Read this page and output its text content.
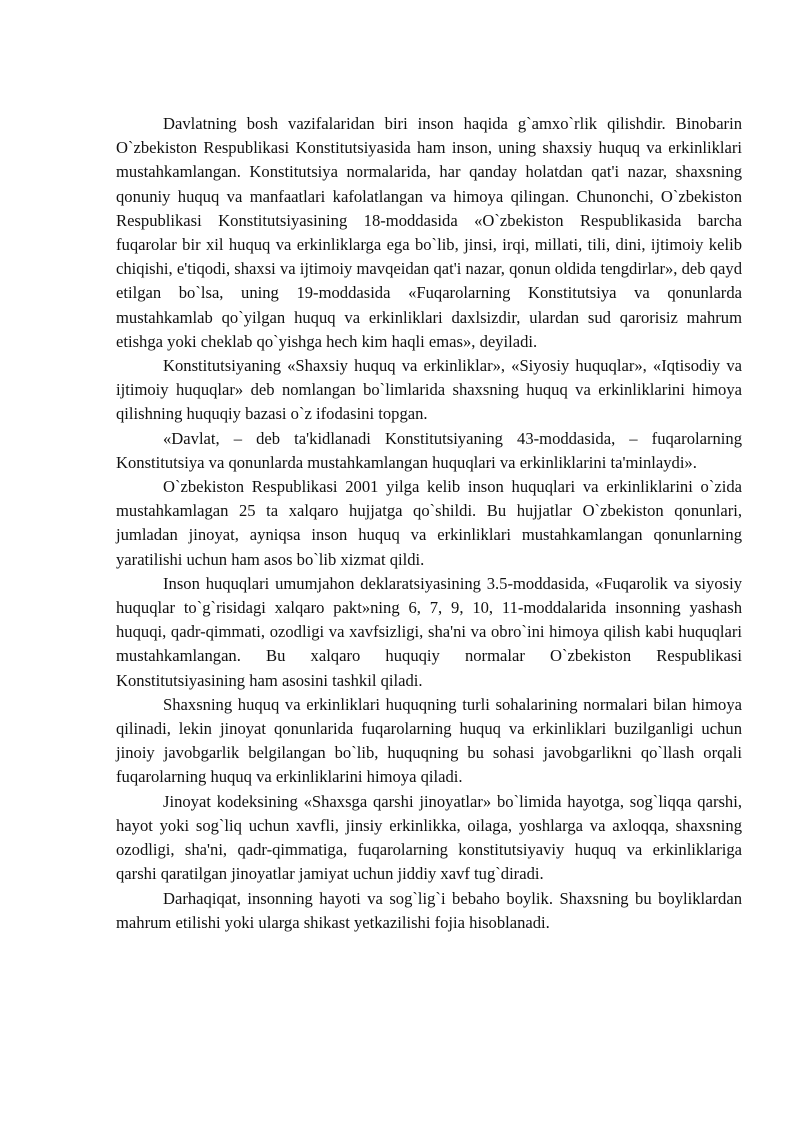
Davlatning bosh vazifalaridan biri inson haqida g`amxo`rlik qilishdir. Binobarin O`zbekiston Respublikasi Konstitutsiyasida ham inson, uning shaxsiy huquq va erkinliklari mustahkamlangan. Konstitutsiya normalarida, har qanday holatdan qat'i nazar, shaxsning qonuniy huquq va manfaatlari kafolatlangan va himoya qilingan. Chunonchi, O`zbekiston Respublikasi Konstitutsiyasining 18-moddasida «O`zbekiston Respublikasida barcha fuqarolar bir xil huquq va erkinliklarga ega bo`lib, jinsi, irqi, millati, tili, dini, ijtimoiy kelib chiqishi, e'tiqodi, shaxsi va ijtimoiy mavqeidan qat'i nazar, qonun oldida tengdirlar», deb qayd etilgan bo`lsa, uning 19-moddasida «Fuqarolarning Konstitutsiya va qonunlarda mustahkamlab qo`yilgan huquq va erkinliklari daxlsizdir, ulardan sud qarorisiz mahrum etishga yoki cheklab qo`yishga hech kim haqli emas», deyiladi.

Konstitutsiyaning «Shaxsiy huquq va erkinliklar», «Siyosiy huquqlar», «Iqtisodiy va ijtimoiy huquqlar» deb nomlangan bo`limlarida shaxsning huquq va erkinliklarini himoya qilishning huquqiy bazasi o`z ifodasini topgan.

«Davlat, – deb ta'kidlanadi Konstitutsiyaning 43-moddasida, – fuqarolarning Konstitutsiya va qonunlarda mustahkamlangan huquqlari va erkinliklarini ta'minlaydi».

O`zbekiston Respublikasi 2001 yilga kelib inson huquqlari va erkinliklarini o`zida mustahkamlagan 25 ta xalqaro hujjatga qo`shildi. Bu hujjatlar O`zbekiston qonunlari, jumladan jinoyat, ayniqsa inson huquq va erkinliklari mustahkamlangan qonunlarning yaratilishi uchun ham asos bo`lib xizmat qildi.

Inson huquqlari umumjahon deklaratsiyasining 3.5-moddasida, «Fuqarolik va siyosiy huquqlar to`g`risidagi xalqaro pakt»ning 6, 7, 9, 10, 11-moddalarida insonning yashash huquqi, qadr-qimmati, ozodligi va xavfsizligi, sha'ni va obro`ini himoya qilish kabi huquqlari mustahkamlangan. Bu xalqaro huquqiy normalar O`zbekiston Respublikasi Konstitutsiyasining ham asosini tashkil qiladi.

Shaxsning huquq va erkinliklari huquqning turli sohalarining normalari bilan himoya qilinadi, lekin jinoyat qonunlarida fuqarolarning huquq va erkinliklari buzilganligi uchun jinoiy javobgarlik belgilangan bo`lib, huquqning bu sohasi javobgarlikni qo`llash orqali fuqarolarning huquq va erkinliklarini himoya qiladi.

Jinoyat kodeksining «Shaxsga qarshi jinoyatlar» bo`limida hayotga, sog`liqqa qarshi, hayot yoki sog`liq uchun xavfli, jinsiy erkinlikka, oilaga, yoshlarga va axloqqa, shaxsning ozodligi, sha'ni, qadr-qimmatiga, fuqarolarning konstitutsiyaviy huquq va erkinliklariga qarshi qaratilgan jinoyatlar jamiyat uchun jiddiy xavf tug`diradi.

Darhaqiqat, insonning hayoti va sog`lig`i bebaho boylik. Shaxsning bu boyliklardan mahrum etilishi yoki ularga shikast yetkazilishi fojia hisoblanadi.
